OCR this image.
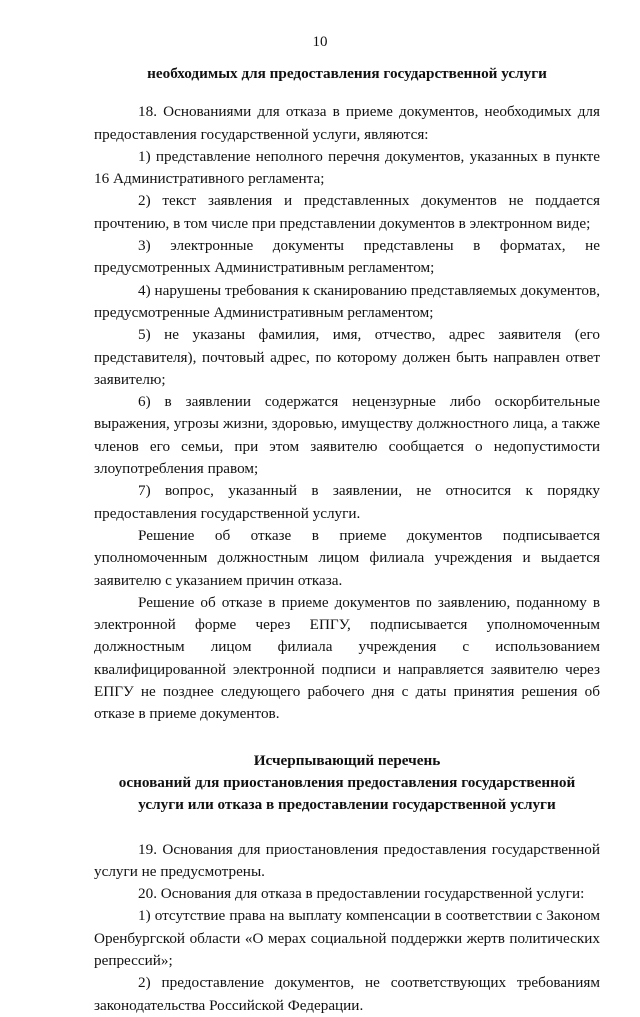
10
необходимых для предоставления государственной услуги

18. Основаниями для отказа в приеме документов, необходимых для предоставления государственной услуги, являются:

1) представление неполного перечня документов, указанных в пункте 16 Административного регламента;

2) текст заявления и представленных документов не поддается прочтению, в том числе при представлении документов в электронном виде;

3) электронные документы представлены в форматах, не предусмотренных Административным регламентом;

4) нарушены требования к сканированию представляемых документов, предусмотренные Административным регламентом;

5) не указаны фамилия, имя, отчество, адрес заявителя (его представителя), почтовый адрес, по которому должен быть направлен ответ заявителю;

6) в заявлении содержатся нецензурные либо оскорбительные выражения, угрозы жизни, здоровью, имуществу должностного лица, а также членов его семьи, при этом заявителю сообщается о недопустимости злоупотребления правом;

7) вопрос, указанный в заявлении, не относится к порядку предоставления государственной услуги.

Решение об отказе в приеме документов подписывается уполномоченным должностным лицом филиала учреждения и выдается заявителю с указанием причин отказа.

Решение об отказе в приеме документов по заявлению, поданному в электронной форме через ЕПГУ, подписывается уполномоченным должностным лицом филиала учреждения с использованием квалифицированной электронной подписи и направляется заявителю через ЕПГУ не позднее следующего рабочего дня с даты принятия решения об отказе в приеме документов.

Исчерпывающий перечень
оснований для приостановления предоставления государственной
услуги или отказа в предоставлении государственной услуги

19. Основания для приостановления предоставления государственной услуги не предусмотрены.

20. Основания для отказа в предоставлении государственной услуги:

1) отсутствие права на выплату компенсации в соответствии с Законом Оренбургской области «О мерах социальной поддержки жертв политических репрессий»;

2) предоставление документов, не соответствующих требованиям законодательства Российской Федерации.
